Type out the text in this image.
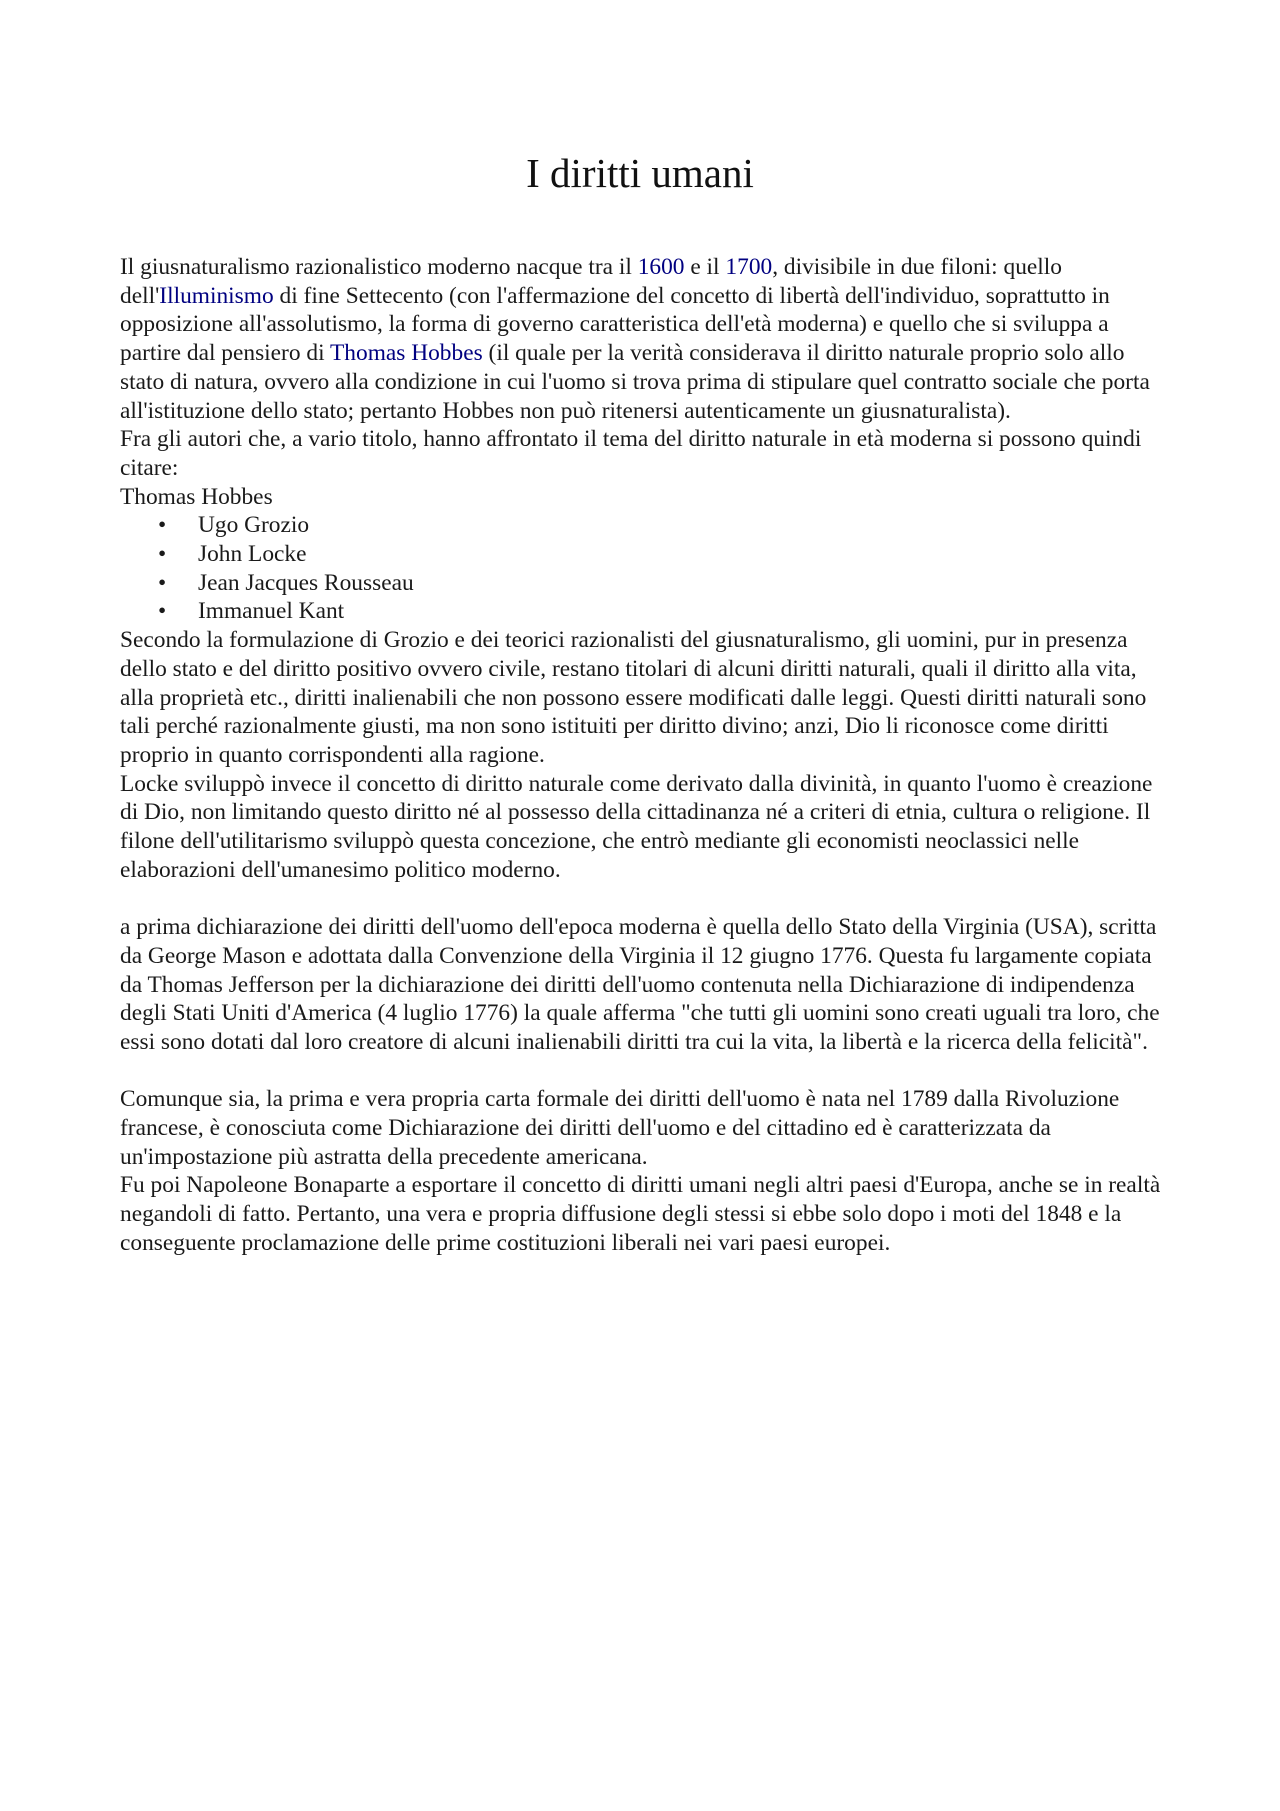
I diritti umani

Il giusnaturalismo razionalistico moderno nacque tra il 1600 e il 1700, divisibile in due filoni: quello dell'Illuminismo di fine Settecento (con l'affermazione del concetto di libertà dell'individuo, soprattutto in opposizione all'assolutismo, la forma di governo caratteristica dell'età moderna) e quello che si sviluppa a partire dal pensiero di Thomas Hobbes (il quale per la verità considerava il diritto naturale proprio solo allo stato di natura, ovvero alla condizione in cui l'uomo si trova prima di stipulare quel contratto sociale che porta all'istituzione dello stato; pertanto Hobbes non può ritenersi autenticamente un giusnaturalista).

Fra gli autori che, a vario titolo, hanno affrontato il tema del diritto naturale in età moderna si possono quindi citare:

Thomas Hobbes

• Ugo Grozio
• John Locke
• Jean Jacques Rousseau
• Immanuel Kant

Secondo la formulazione di Grozio e dei teorici razionalisti del giusnaturalismo, gli uomini, pur in presenza dello stato e del diritto positivo ovvero civile, restano titolari di alcuni diritti naturali, quali il diritto alla vita, alla proprietà etc., diritti inalienabili che non possono essere modificati dalle leggi. Questi diritti naturali sono tali perché razionalmente giusti, ma non sono istituiti per diritto divino; anzi, Dio li riconosce come diritti proprio in quanto corrispondenti alla ragione.

Locke sviluppò invece il concetto di diritto naturale come derivato dalla divinità, in quanto l'uomo è creazione di Dio, non limitando questo diritto né al possesso della cittadinanza né a criteri di etnia, cultura o religione. Il filone dell'utilitarismo sviluppò questa concezione, che entrò mediante gli economisti neoclassici nelle elaborazioni dell'umanesimo politico moderno.

a prima dichiarazione dei diritti dell'uomo dell'epoca moderna è quella dello Stato della Virginia (USA), scritta da George Mason e adottata dalla Convenzione della Virginia il 12 giugno 1776. Questa fu largamente copiata da Thomas Jefferson per la dichiarazione dei diritti dell'uomo contenuta nella Dichiarazione di indipendenza degli Stati Uniti d'America (4 luglio 1776) la quale afferma "che tutti gli uomini sono creati uguali tra loro, che essi sono dotati dal loro creatore di alcuni inalienabili diritti tra cui la vita, la libertà e la ricerca della felicità".

Comunque sia, la prima e vera propria carta formale dei diritti dell'uomo è nata nel 1789 dalla Rivoluzione francese, è conosciuta come Dichiarazione dei diritti dell'uomo e del cittadino ed è caratterizzata da un'impostazione più astratta della precedente americana.

Fu poi Napoleone Bonaparte a esportare il concetto di diritti umani negli altri paesi d'Europa, anche se in realtà negandoli di fatto. Pertanto, una vera e propria diffusione degli stessi si ebbe solo dopo i moti del 1848 e la conseguente proclamazione delle prime costituzioni liberali nei vari paesi europei.
